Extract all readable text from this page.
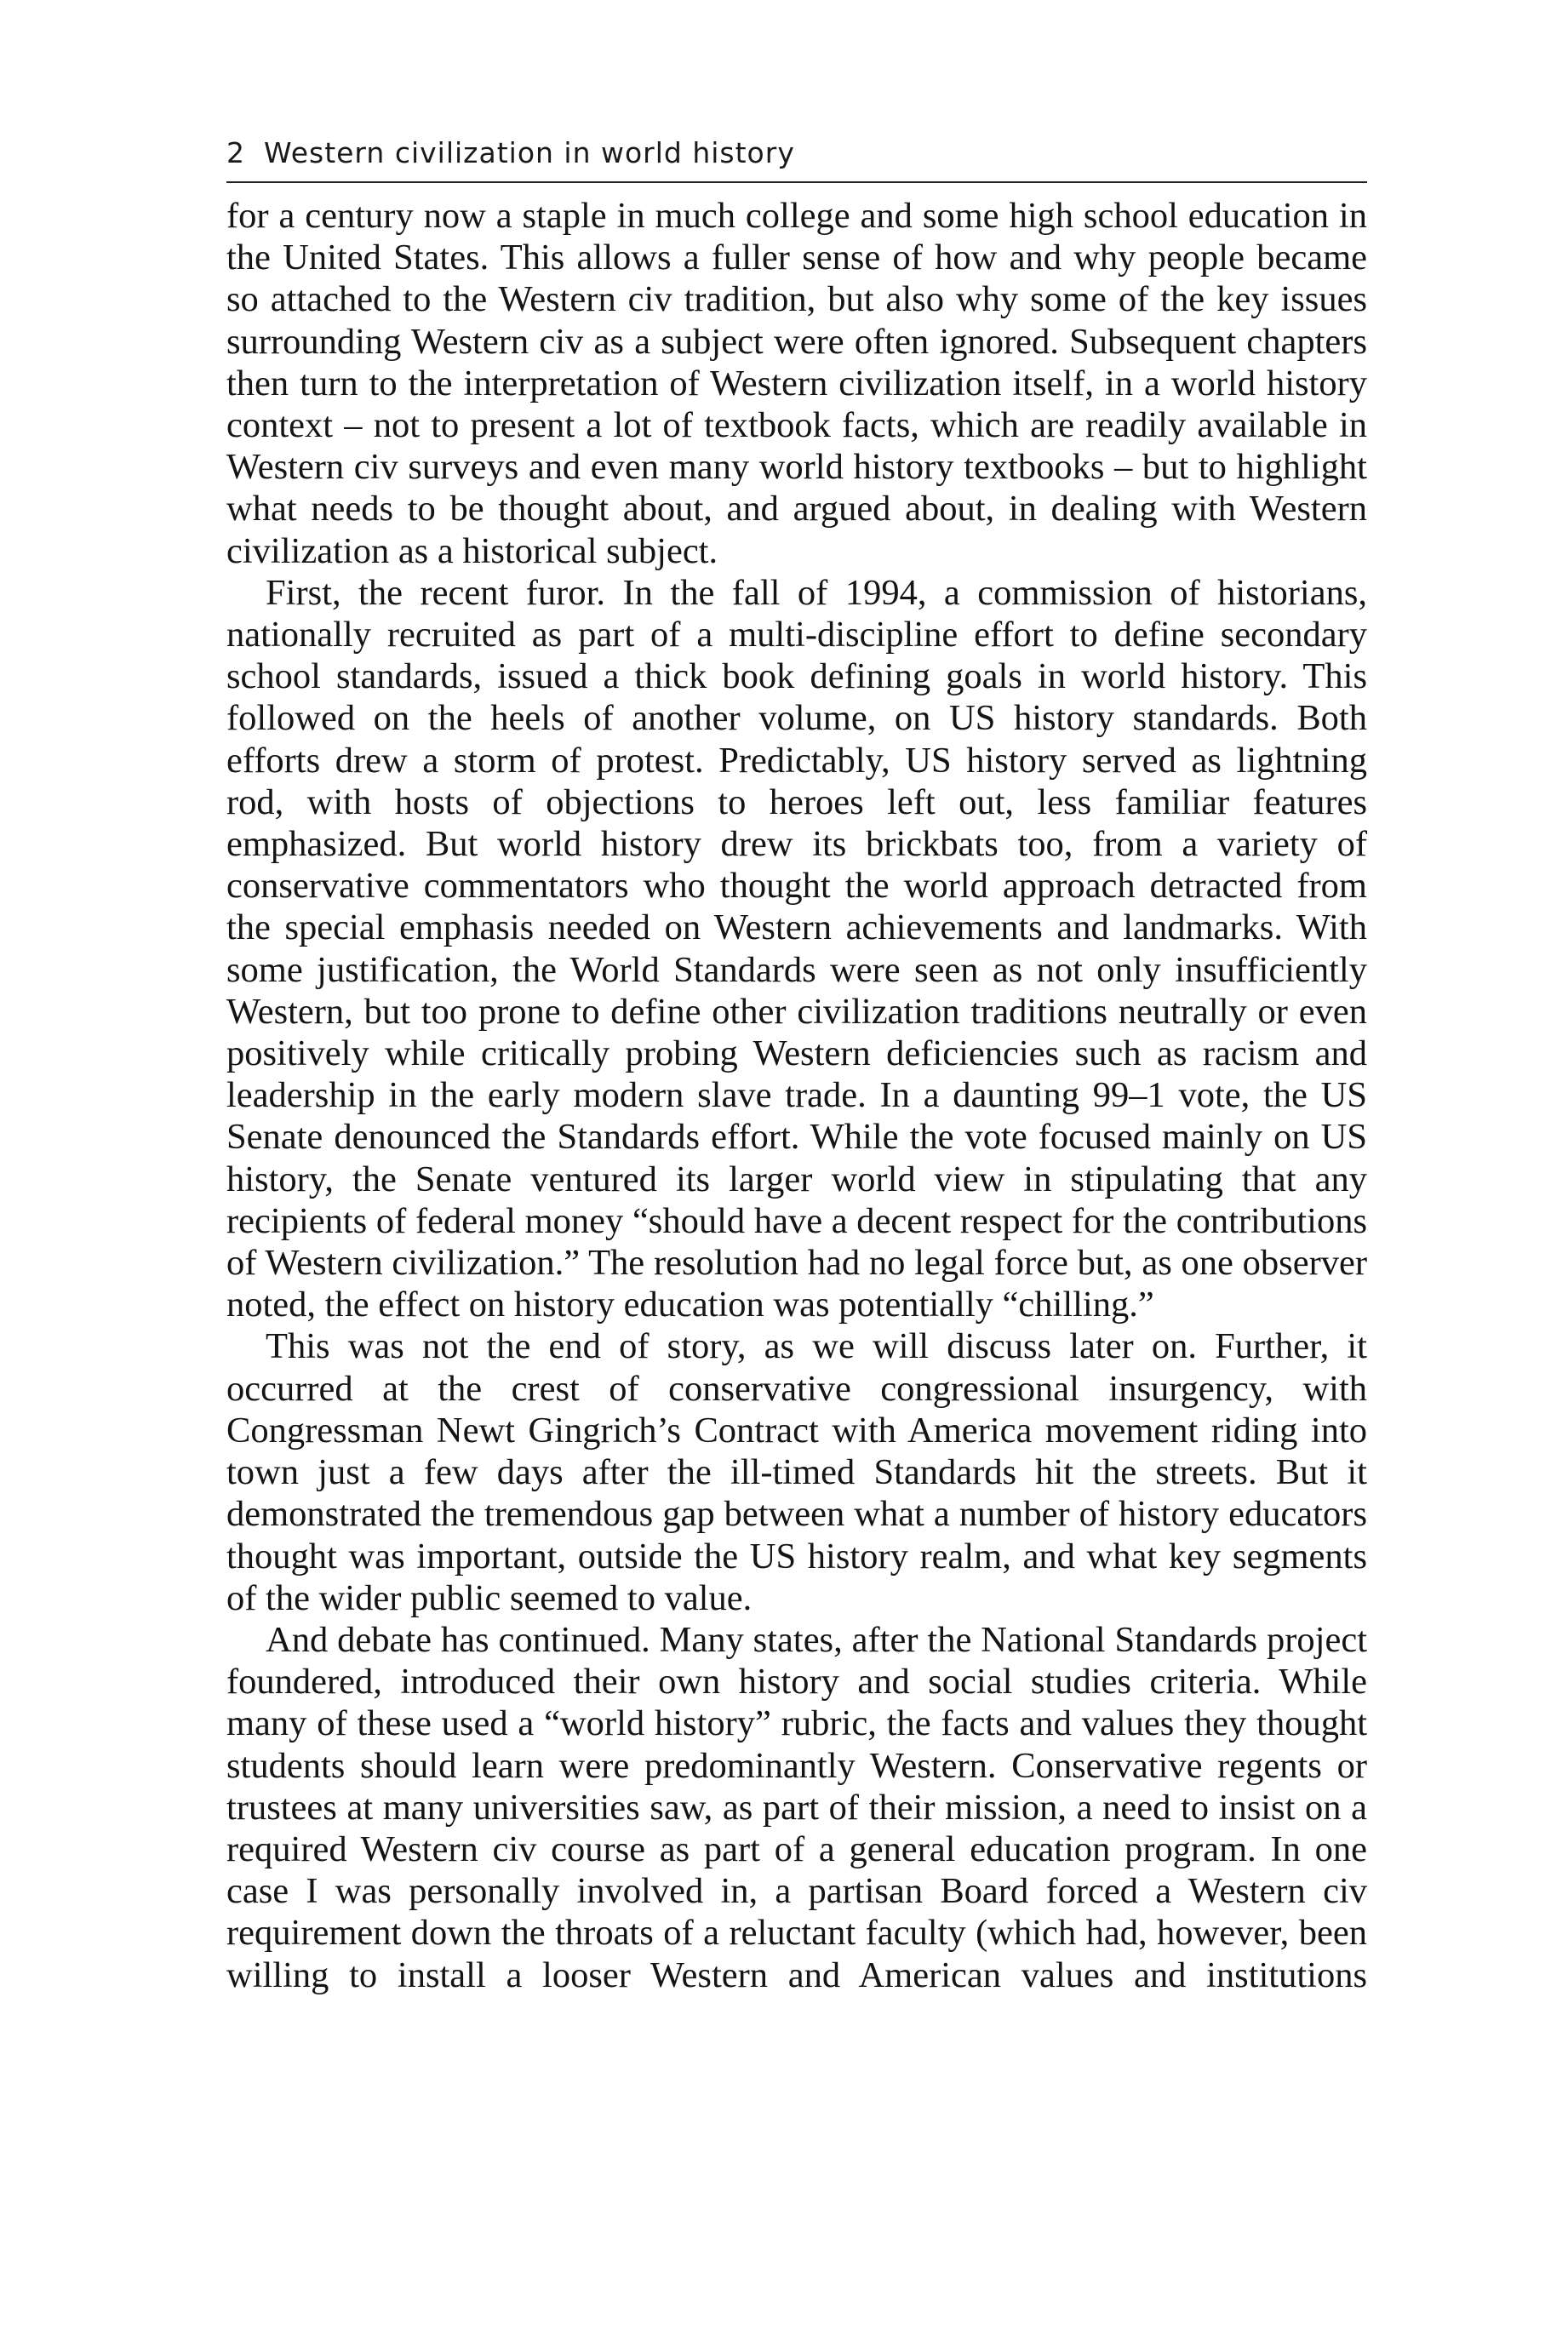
2 Western civilization in world history

for a century now a staple in much college and some high school education in the United States. This allows a fuller sense of how and why people became so attached to the Western civ tradition, but also why some of the key issues surrounding Western civ as a subject were often ignored. Subsequent chapters then turn to the interpretation of Western civilization itself, in a world history context – not to present a lot of textbook facts, which are readily available in Western civ surveys and even many world history textbooks – but to highlight what needs to be thought about, and argued about, in dealing with Western civilization as a historical subject.

First, the recent furor. In the fall of 1994, a commission of historians, nationally recruited as part of a multi-discipline effort to define secondary school standards, issued a thick book defining goals in world history. This followed on the heels of another volume, on US history standards. Both efforts drew a storm of protest. Predictably, US history served as lightning rod, with hosts of objections to heroes left out, less familiar features emphasized. But world history drew its brickbats too, from a variety of conservative commentators who thought the world approach detracted from the special emphasis needed on Western achievements and landmarks. With some justification, the World Standards were seen as not only insufficiently Western, but too prone to define other civilization traditions neutrally or even positively while critically probing Western deficiencies such as racism and leadership in the early modern slave trade. In a daunting 99–1 vote, the US Senate denounced the Standards effort. While the vote focused mainly on US history, the Senate ventured its larger world view in stipulating that any recipients of federal money “should have a decent respect for the contributions of Western civilization.” The resolution had no legal force but, as one observer noted, the effect on history education was potentially “chilling.”

This was not the end of story, as we will discuss later on. Further, it occurred at the crest of conservative congressional insurgency, with Congressman Newt Gingrich’s Contract with America movement riding into town just a few days after the ill-timed Standards hit the streets. But it demonstrated the tremendous gap between what a number of history educators thought was important, outside the US history realm, and what key segments of the wider public seemed to value.

And debate has continued. Many states, after the National Standards project foundered, introduced their own history and social studies criteria. While many of these used a “world history” rubric, the facts and values they thought students should learn were predominantly Western. Conservative regents or trustees at many universities saw, as part of their mission, a need to insist on a required Western civ course as part of a general education program. In one case I was personally involved in, a partisan Board forced a Western civ requirement down the throats of a reluctant faculty (which had, however, been willing to install a looser Western and American values and institutions
